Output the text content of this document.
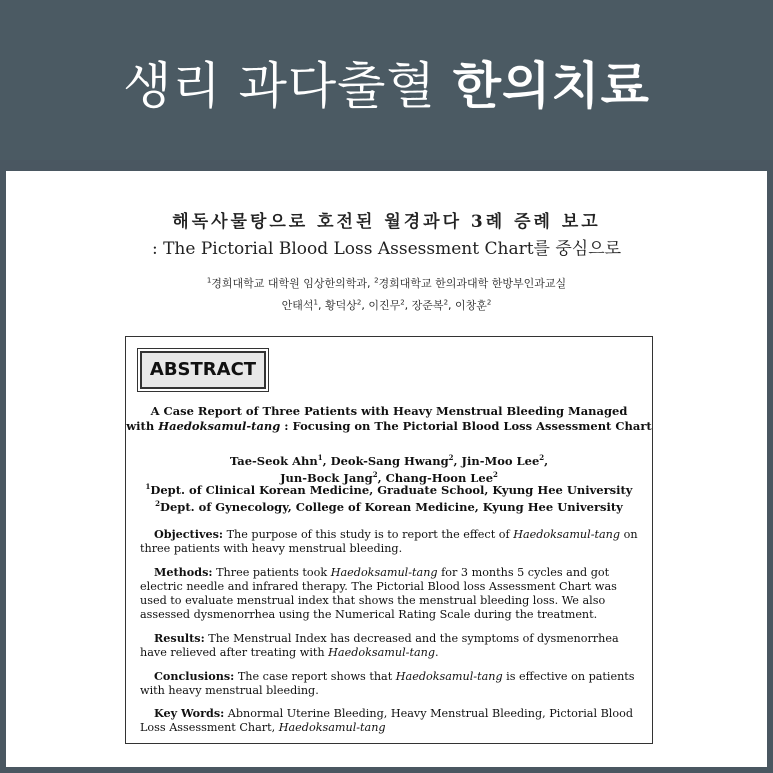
생리 과다출혈 한의치료
해독사물탕으로 호전된 월경과다 3례 증례 보고
: The Pictorial Blood Loss Assessment Chart를 중심으로
$^1$경희대학교 대학원 임상한의학과, $^2$경희대학교 한의과대학 한방부인과교실
안태석$^1$, 황덕상$^2$, 이진무$^2$, 장준복$^2$, 이창훈$^2$
ABSTRACT
A Case Report of Three Patients with Heavy Menstrual Bleeding Managed
with Haedoksamul-tang : Focusing on The Pictorial Blood Loss Assessment Chart
Tae-Seok Ahn$^1$, Deok-Sang Hwang$^2$, Jin-Moo Lee$^2$,
Jun-Bock Jang$^2$, Chang-Hoon Lee$^2$
$^1$Dept. of Clinical Korean Medicine, Graduate School, Kyung Hee University
$^2$Dept. of Gynecology, College of Korean Medicine, Kyung Hee University
Objectives: The purpose of this study is to report the effect of Haedoksamul-tang on three patients with heavy menstrual bleeding.
Methods: Three patients took Haedoksamul-tang for 3 months 5 cycles and got electric needle and infrared therapy. The Pictorial Blood loss Assessment Chart was used to evaluate menstrual index that shows the menstrual bleeding loss. We also assessed dysmenorrhea using the Numerical Rating Scale during the treatment.
Results: The Menstrual Index has decreased and the symptoms of dysmenorrhea have relieved after treating with Haedoksamul-tang.
Conclusions: The case report shows that Haedoksamul-tang is effective on patients with heavy menstrual bleeding.
Key Words: Abnormal Uterine Bleeding, Heavy Menstrual Bleeding, Pictorial Blood Loss Assessment Chart, Haedoksamul-tang
